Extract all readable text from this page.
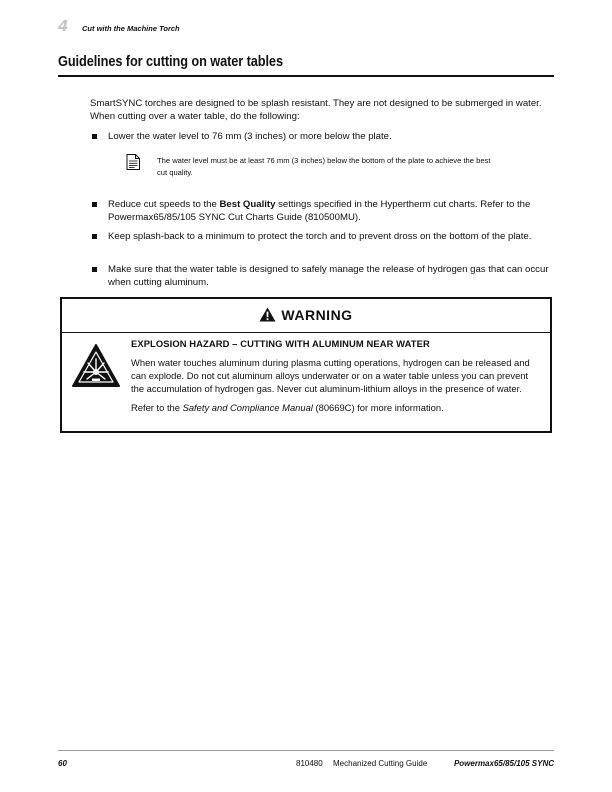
4 Cut with the Machine Torch
Guidelines for cutting on water tables
SmartSYNC torches are designed to be splash resistant. They are not designed to be submerged in water. When cutting over a water table, do the following:
Lower the water level to 76 mm (3 inches) or more below the plate.
The water level must be at least 76 mm (3 inches) below the bottom of the plate to achieve the best cut quality.
Reduce cut speeds to the Best Quality settings specified in the Hypertherm cut charts. Refer to the Powermax65/85/105 SYNC Cut Charts Guide (810500MU).
Keep splash-back to a minimum to protect the torch and to prevent dross on the bottom of the plate.
Make sure that the water table is designed to safely manage the release of hydrogen gas that can occur when cutting aluminum.
WARNING
EXPLOSION HAZARD – CUTTING WITH ALUMINUM NEAR WATER
When water touches aluminum during plasma cutting operations, hydrogen can be released and can explode. Do not cut aluminum alloys underwater or on a water table unless you can prevent the accumulation of hydrogen gas. Never cut aluminum-lithium alloys in the presence of water.
Refer to the Safety and Compliance Manual (80669C) for more information.
60	810480 Mechanized Cutting Guide	Powermax65/85/105 SYNC
